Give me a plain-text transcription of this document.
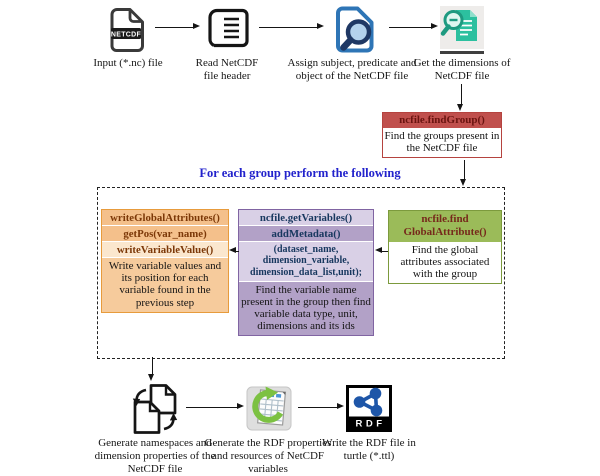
NETCDF
Input (*.nc) file	Read NetCDF file header
Assign subject, predicate and object of the NetCDF file
Get the dimensions of NetCDF file
ncfile.findGroup()
Find the groups present in the NetCDF file
For each group perform the following
writeGlobalAttributes()
getPos(var_name)
writeVariableValue()
Write variable values and its position for each variable found in the previous step
ncfile.getVariables()
addMetadata()
(dataset_name, dimension_variable, dimension_data_list,unit);
Find the variable name present in the group then find variable data type, unit, dimensions and its ids
ncfile.find GlobalAttribute()
Find the global attributes associated with the group
Generate namespaces and dimension properties of the NetCDF file
Generate the RDF properties and resources of NetCDF variables
RDF
Write the RDF file in turtle (*.ttl)
